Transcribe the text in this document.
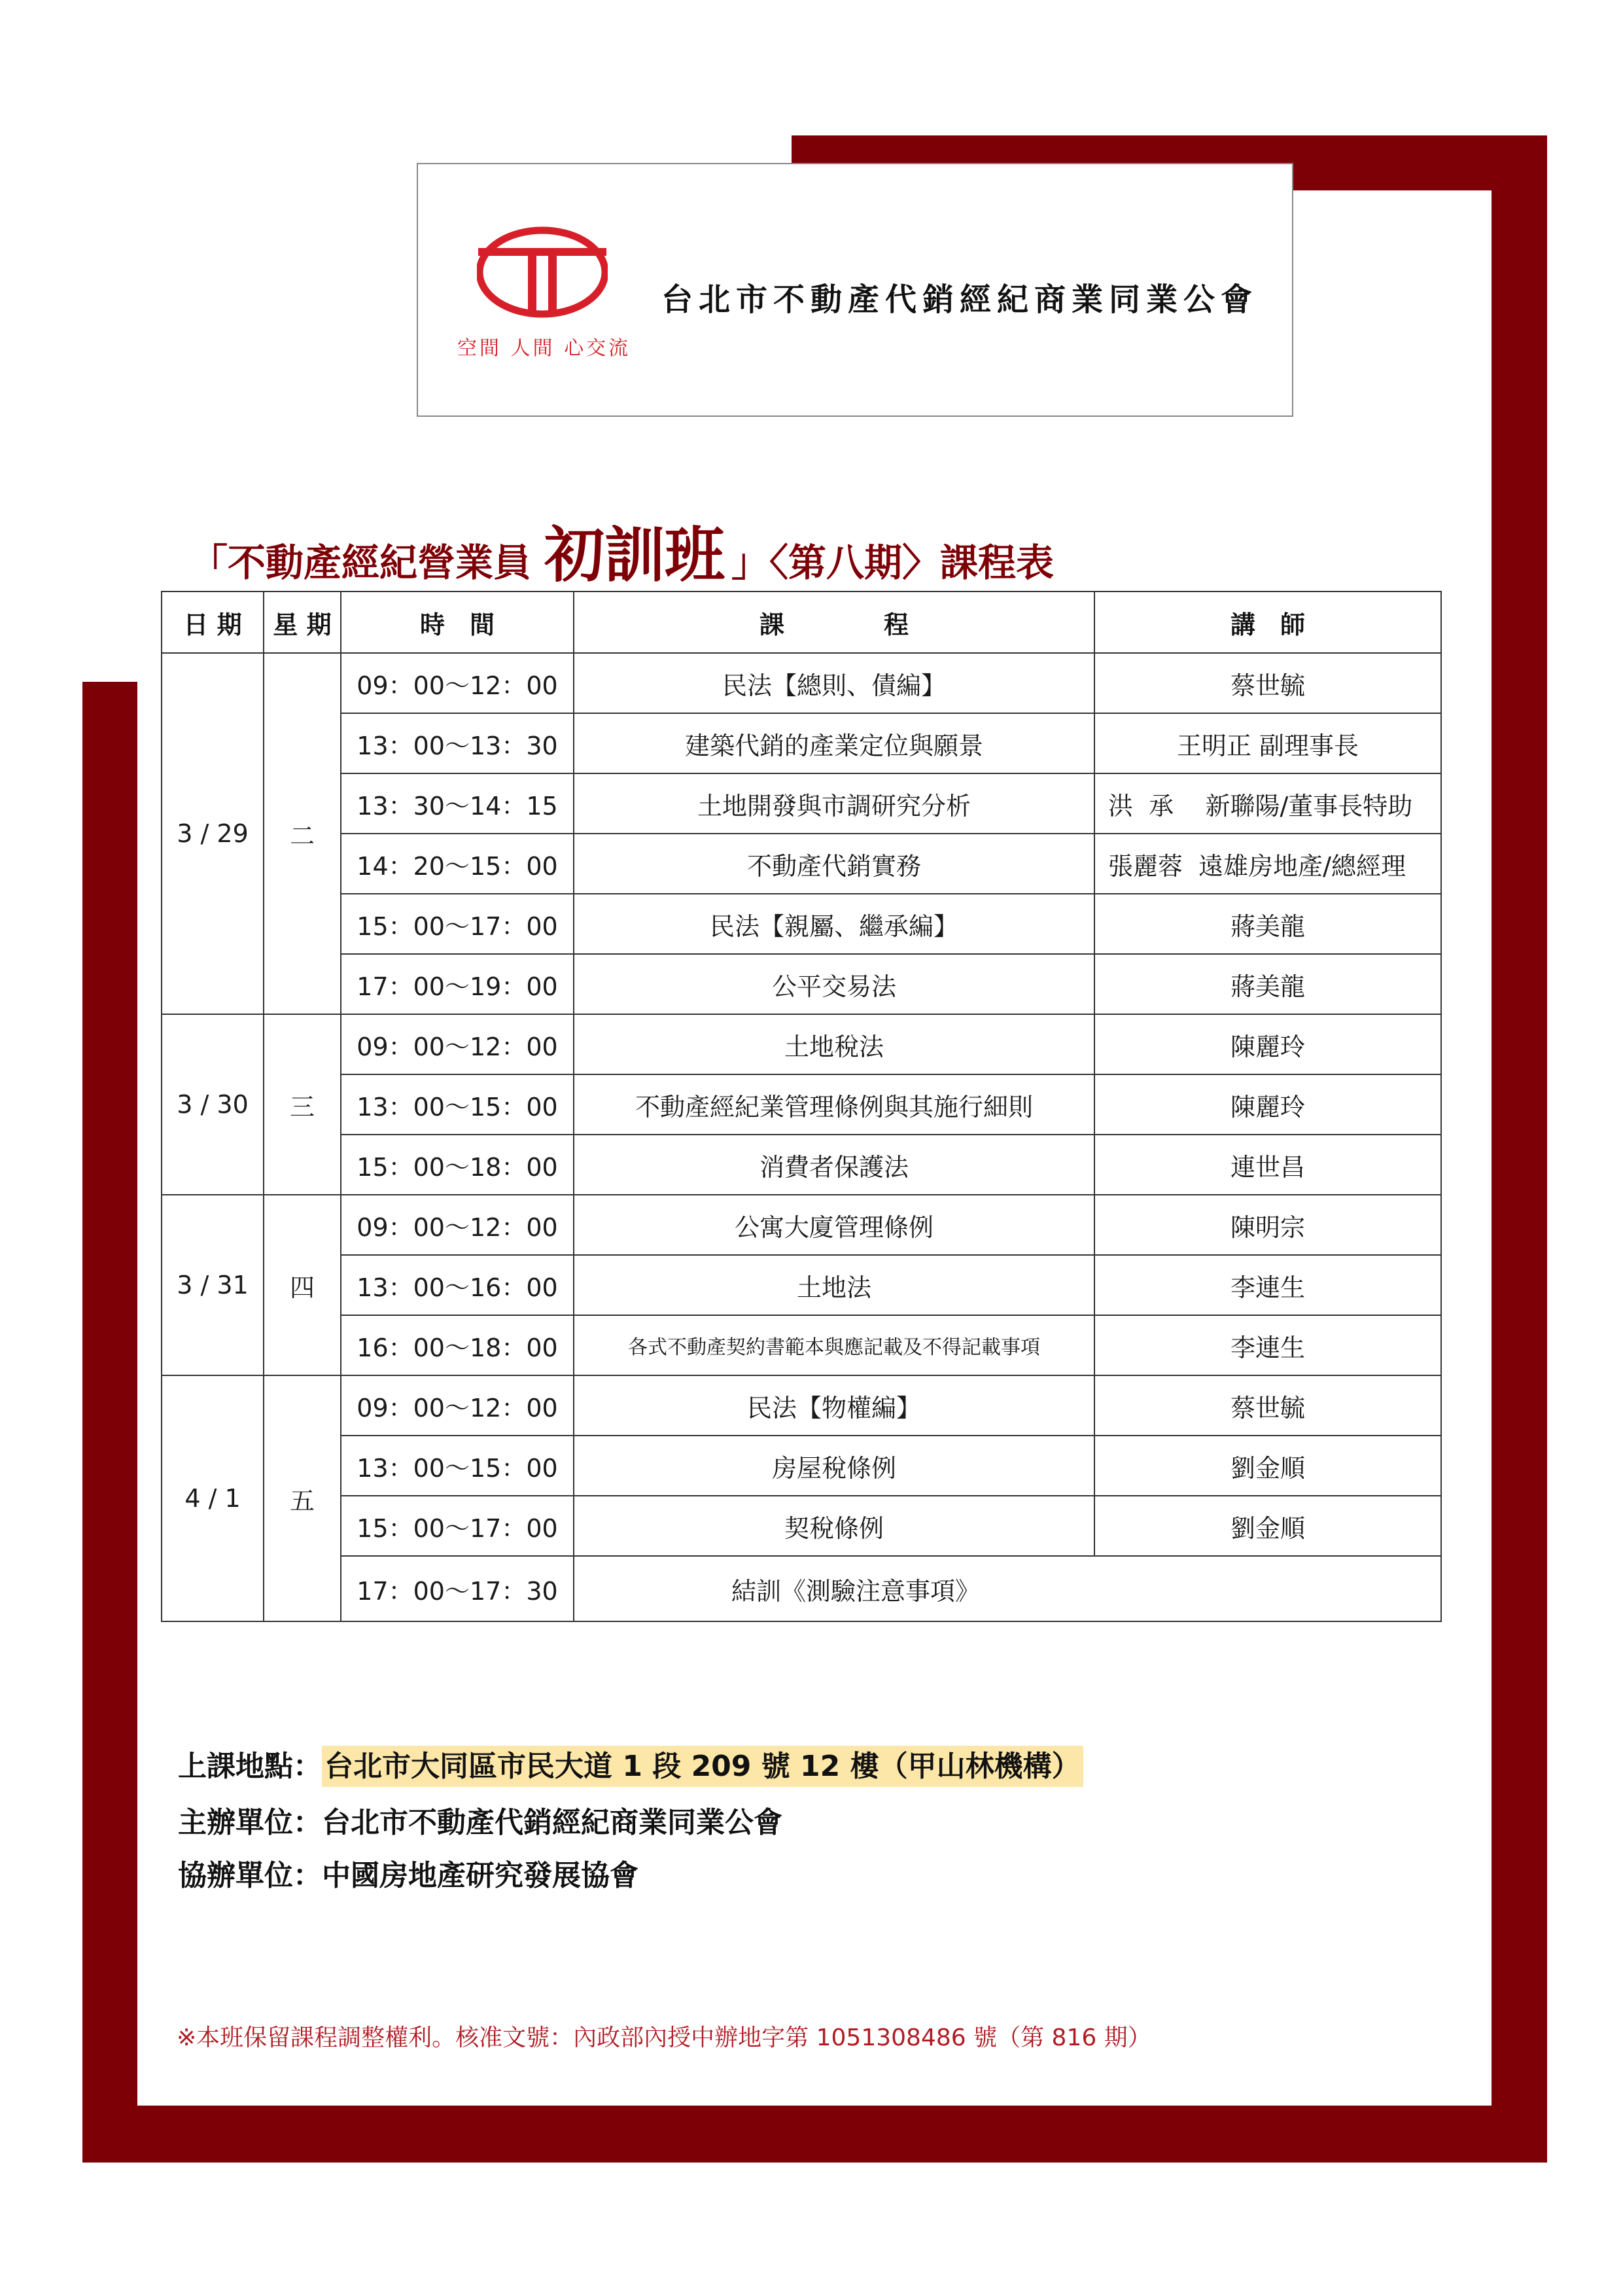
空間 人間 心交流
台北市不動產代銷經紀商業同業公會
「不動產經紀營業員 初訓班 」〈第八期〉課程表
日 期	星 期	時　間	課　　　　程	講　師
3 / 29	二	09：00～12：00	民法【總則、債編】	蔡世毓
		13：00～13：30	建築代銷的產業定位與願景	王明正 副理事長
		13：30～14：15	土地開發與市調研究分析	洪  承    新聯陽/董事長特助
		14：20～15：00	不動產代銷實務	張麗蓉  遠雄房地產/總經理
		15：00～17：00	民法【親屬、繼承編】	蔣美龍
		17：00～19：00	公平交易法	蔣美龍
3 / 30	三	09：00～12：00	土地稅法	陳麗玲
		13：00～15：00	不動產經紀業管理條例與其施行細則	陳麗玲
		15：00～18：00	消費者保護法	連世昌
3 / 31	四	09：00～12：00	公寓大廈管理條例	陳明宗
		13：00～16：00	土地法	李連生
		16：00～18：00	各式不動產契約書範本與應記載及不得記載事項	李連生
4 / 1	五	09：00～12：00	民法【物權編】	蔡世毓
		13：00～15：00	房屋稅條例	劉金順
		15：00～17：00	契稅條例	劉金順
		17：00～17：30	結訓《測驗注意事項》	
上課地點：台北市大同區市民大道 1 段 209 號 12 樓（甲山林機構）
主辦單位：台北市不動產代銷經紀商業同業公會
協辦單位：中國房地產研究發展協會
※本班保留課程調整權利。核准文號：內政部內授中辦地字第 1051308486 號（第 816 期）
